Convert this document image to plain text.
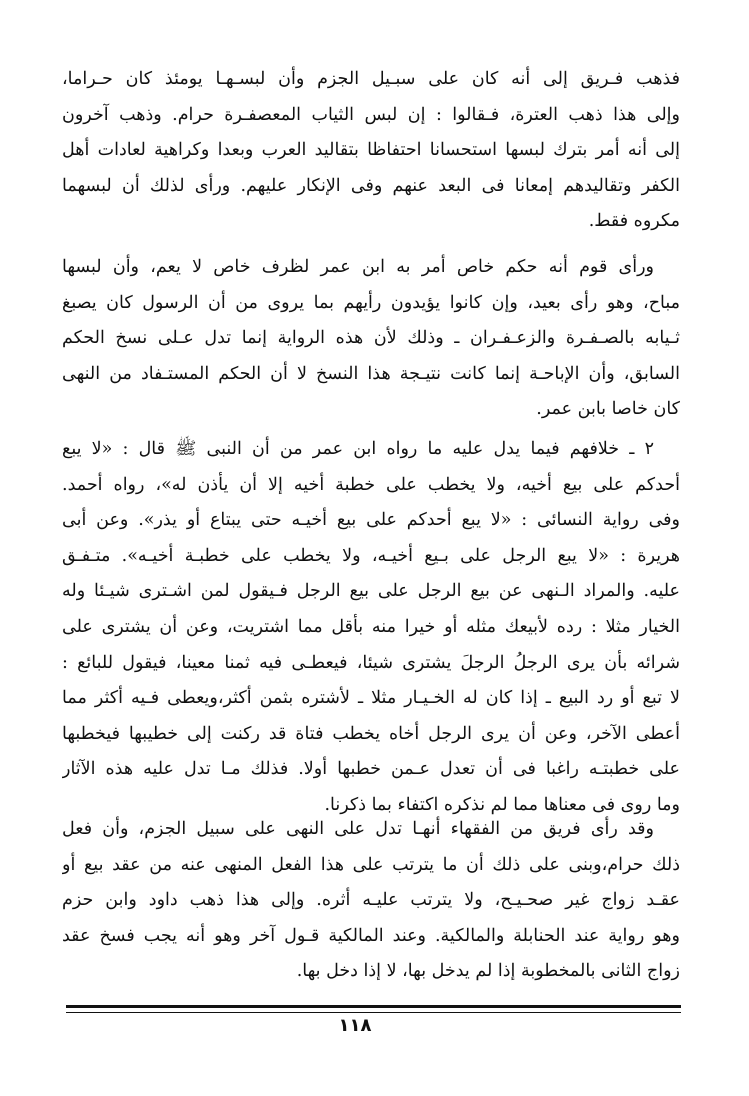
فذهب فـريق إلى أنه كان على سبـيل الجزم وأن لبسـهـا يومئذ كان حـراما،
وإلى هذا ذهب العترة، فـقالوا : إن لبس الثياب المعصفـرة حرام. وذهب آخرون
إلى أنه أمر بترك لبسها استحسانا احتفاظا بتقاليد العرب وبعدا وكراهية لعادات أهل
الكفر وتقاليدهم إمعانا فى البعد عنهم وفى الإنكار عليهم. ورأى لذلك أن لبسهما
مكروه فقط.
ورأى قوم أنه حكم خاص أمر به ابن عمر لظرف خاص لا يعم، وأن لبسها
مباح، وهو رأى بعيد، وإن كانوا يؤيدون رأيهم بما يروى من أن الرسول كان يصبغ
ثـيابه بالصـفـرة والزعـفـران ـ وذلك لأن هذه الرواية إنما تدل عـلى نسخ الحكم
السابق، وأن الإباحـة إنما كانت نتيـجة هذا النسخ لا أن الحكم المستـفاد من النهى
كان خاصا بابن عمر.
٢ ـ خلافهم فيما يدل عليه ما رواه ابن عمر من أن النبى ﷺ قال : «لا يبع
أحدكم على بيع أخيه، ولا يخطب على خطبة أخيه إلا أن يأذن له»، رواه أحمد.
وفى رواية النسائى : «لا يبع أحدكم على بيع أخيـه حتى يبتاع أو يذر». وعن أبى
هريرة : «لا يبع الرجل على بـيع أخيـه، ولا يخطب على خطبـة أخيـه». متـفـق
عليه. والمراد الـنهى عن بيع الرجل على بيع الرجل فـيقول لمن اشـترى شيـئا وله
الخيار مثلا : رده لأبيعك مثله أو خيرا منه بأقل مما اشتريت، وعن أن يشترى على
شرائه بأن يرى الرجلُ الرجلَ يشترى شيئا، فيعطـى فيه ثمنا معينا، فيقول للبائع :
لا تبع أو رد البيع ـ إذا كان له الخـيـار مثلا ـ لأشتره بثمن أكثر،ويعطى فـيه أكثر مما
أعطى الآخر، وعن أن يرى الرجل أخاه يخطب فتاة قد ركنت إلى خطيبها فيخطبها
على خطبتـه راغبا فى أن تعدل عـمن خطبها أولا. فذلك مـا تدل عليه هذه الآثار
وما روى فى معناها مما لم نذكره اكتفاء بما ذكرنا.
وقد رأى فريق من الفقهاء أنهـا تدل على النهى على سبيل الجزم، وأن فعل
ذلك حرام،وبنى على ذلك أن ما يترتب على هذا الفعل المنهى عنه من عقد بيع أو
عقـد زواج غير صحـيـح، ولا يترتب عليـه أثره. وإلى هذا ذهب داود وابن حزم
وهو رواية عند الحنابلة والمالكية. وعند المالكية قـول آخر وهو أنه يجب فسخ عقد
زواج الثانى بالمخطوبة إذا لم يدخل بها، لا إذا دخل بها.
١١٨
